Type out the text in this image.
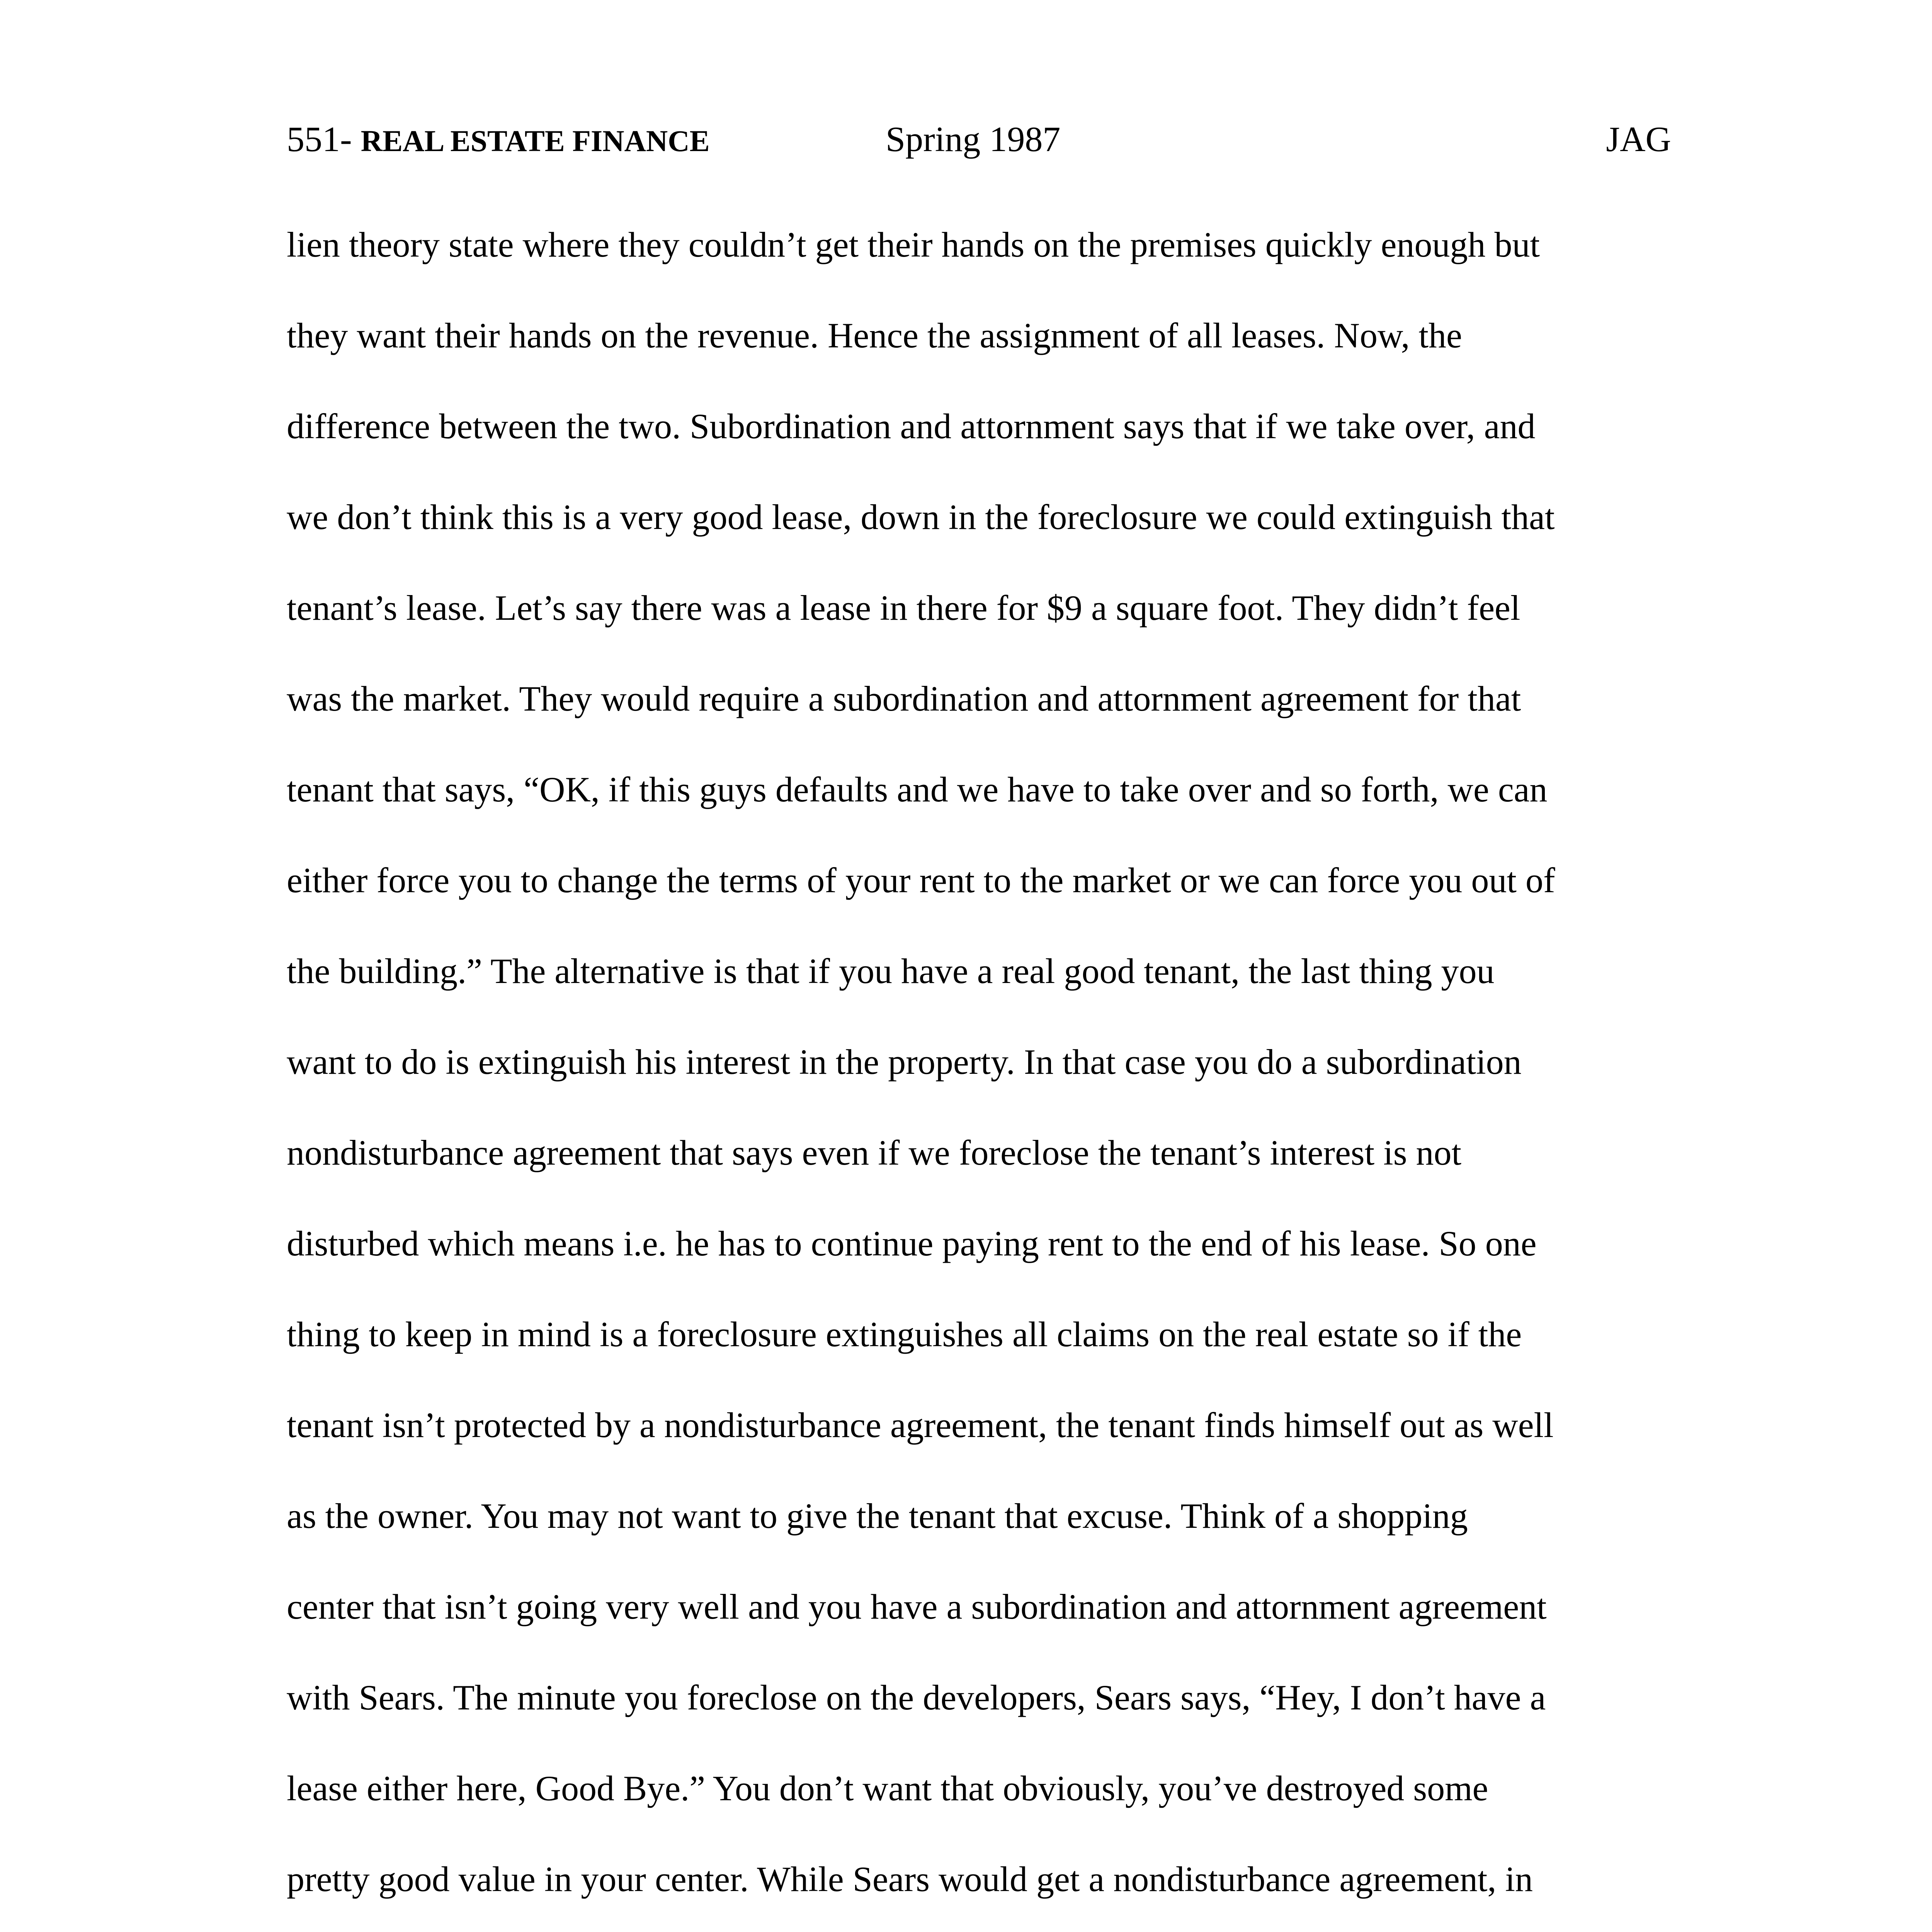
551- REAL ESTATE FINANCE	Spring 1987	JAG
lien theory state where they couldn’t get their hands on the premises quickly enough but
they want their hands on the revenue. Hence the assignment of all leases. Now, the
difference between the two. Subordination and attornment says that if we take over, and
we don’t think this is a very good lease, down in the foreclosure we could extinguish that
tenant’s lease. Let’s say there was a lease in there for $9 a square foot. They didn’t feel
was the market. They would require a subordination and attornment agreement for that
tenant that says, “OK, if this guys defaults and we have to take over and so forth, we can
either force you to change the terms of your rent to the market or we can force you out of
the building.” The alternative is that if you have a real good tenant, the last thing you
want to do is extinguish his interest in the property. In that case you do a subordination
nondisturbance agreement that says even if we foreclose the tenant’s interest is not
disturbed which means i.e. he has to continue paying rent to the end of his lease. So one
thing to keep in mind is a foreclosure extinguishes all claims on the real estate so if the
tenant isn’t protected by a nondisturbance agreement, the tenant finds himself out as well
as the owner. You may not want to give the tenant that excuse. Think of a shopping
center that isn’t going very well and you have a subordination and attornment agreement
with Sears. The minute you foreclose on the developers, Sears says, “Hey, I don’t have a
lease either here, Good Bye.” You don’t want that obviously, you’ve destroyed some
pretty good value in your center. While Sears would get a nondisturbance agreement, in
